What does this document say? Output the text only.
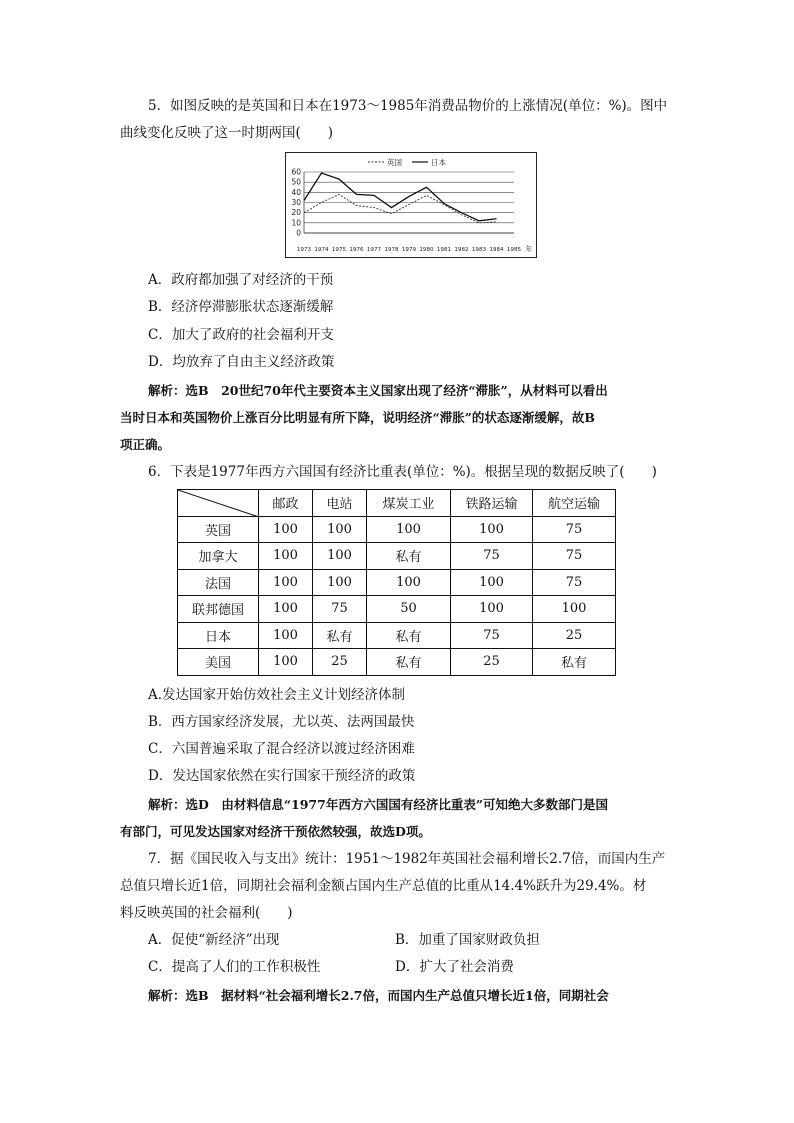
5．如图反映的是英国和日本在1973～1985年消费品物价的上涨情况(单位：%)。图中
曲线变化反映了这一时期两国(　　)
0
10
20
30
40
50
60
1973 1974 1975 1976 1977 1978 1979 1980 1981 1982 1983 1984 1985 年
英国	日本
A．政府都加强了对经济的干预
B．经济停滞膨胀状态逐渐缓解
C．加大了政府的社会福利开支
D．均放弃了自由主义经济政策
解析：选B　20世纪70年代主要资本主义国家出现了经济“滞胀”，从材料可以看出
当时日本和英国物价上涨百分比明显有所下降，说明经济“滞胀”的状态逐渐缓解，故B
项正确。
6．下表是1977年西方六国国有经济比重表(单位：%)。根据呈现的数据反映了(　　)
	邮政	电站	煤炭工业	铁路运输	航空运输
英国	100	100	100	100	75
加拿大	100	100	私有	75	75
法国	100	100	100	100	75
联邦德国	100	75	50	100	100
日本	100	私有	私有	75	25
美国	100	25	私有	25	私有
A.发达国家开始仿效社会主义计划经济体制
B．西方国家经济发展，尤以英、法两国最快
C．六国普遍采取了混合经济以渡过经济困难
D．发达国家依然在实行国家干预经济的政策
解析：选D　由材料信息“1977年西方六国国有经济比重表”可知绝大多数部门是国
有部门，可见发达国家对经济干预依然较强，故选D项。
7．据《国民收入与支出》统计：1951～1982年英国社会福利增长2.7倍，而国内生产
总值只增长近1倍，同期社会福利金额占国内生产总值的比重从14.4%跃升为29.4%。材
料反映英国的社会福利(　　)
A．促使“新经济”出现	B．加重了国家财政负担
C．提高了人们的工作积极性	D．扩大了社会消费
解析：选B　据材料“社会福利增长2.7倍，而国内生产总值只增长近1倍，同期社会
